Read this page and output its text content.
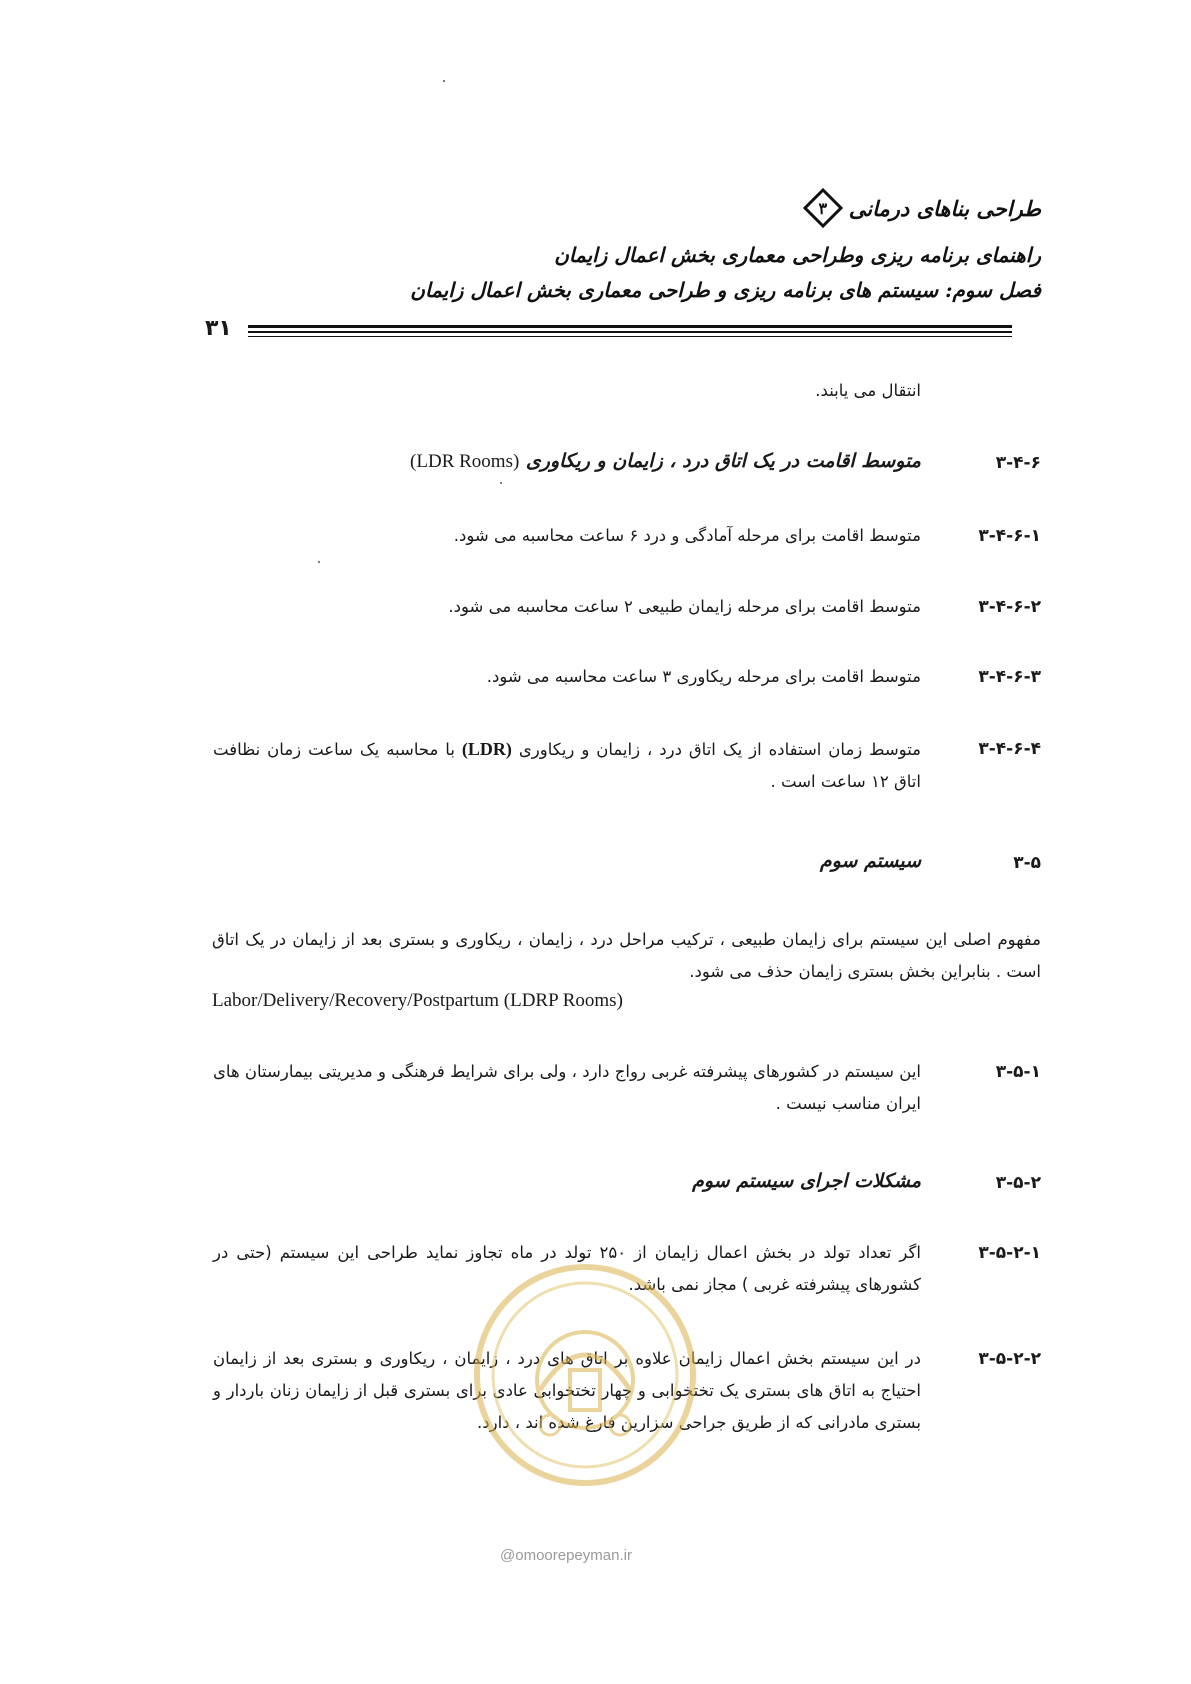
طراحی بناهای درمانی
۳
راهنمای برنامه ریزی وطراحی معماری بخش اعمال زایمان
فصل سوم: سیستم های برنامه ریزی و طراحی معماری بخش اعمال زایمان
۳۱
انتقال می یابند.
۳-۴-۶
متوسط اقامت در یک اتاق درد ، زایمان و ریکاوری (LDR Rooms)
۳-۴-۶-۱
متوسط اقامت برای مرحله آمادگی و درد ۶ ساعت محاسبه می شود.
۳-۴-۶-۲
متوسط اقامت برای مرحله زایمان طبیعی ۲ ساعت محاسبه می شود.
۳-۴-۶-۳
متوسط اقامت برای مرحله ریکاوری ۳ ساعت محاسبه می شود.
۳-۴-۶-۴
متوسط زمان استفاده از یک اتاق درد ، زایمان و ریکاوری (LDR) با محاسبه یک ساعت زمان نظافت اتاق ۱۲ ساعت است .
۳-۵
سیستم سوم
مفهوم اصلی این سیستم برای زایمان طبیعی ، ترکیب مراحل درد ، زایمان ، ریکاوری و بستری بعد از زایمان در یک اتاق است . بنابراین بخش بستری زایمان حذف می شود.
Labor/Delivery/Recovery/Postpartum (LDRP Rooms)
۳-۵-۱
این سیستم در کشورهای پیشرفته غربی رواج دارد ، ولی برای شرایط فرهنگی و مدیریتی بیمارستان های ایران مناسب نیست .
۳-۵-۲
مشکلات اجرای سیستم سوم
۳-۵-۲-۱
اگر تعداد تولد در بخش اعمال زایمان از ۲۵۰ تولد در ماه تجاوز نماید طراحی این سیستم (حتی در کشورهای پیشرفته غربی ) مجاز نمی باشد.
۳-۵-۲-۲
در این سیستم بخش اعمال زایمان علاوه بر اتاق های درد ، زایمان ، ریکاوری و بستری بعد از زایمان احتیاج به اتاق های بستری یک تختخوابی و چهار تختخوابی عادی برای بستری قبل از زایمان زنان باردار و بستری مادرانی که از طریق جراحی سزارین فارغ شده اند ، دارد.
@omoorepeyman.ir
